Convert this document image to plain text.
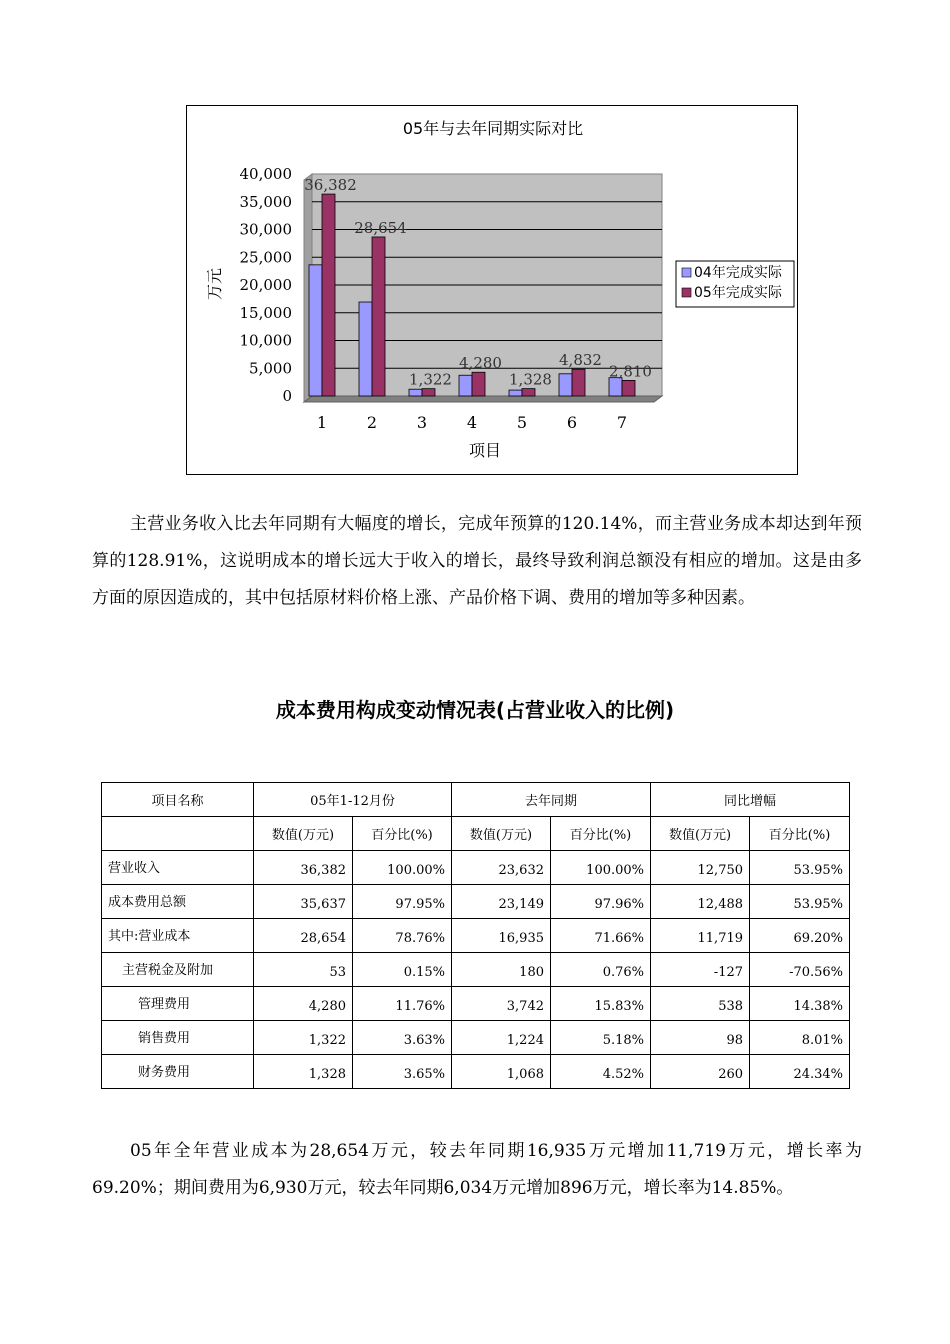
05年与去年同期实际对比
40,000
35,000
30,000
25,000
20,000
15,000
10,000
5,000
0
1
36,382
2
28,654
3
1,322
4
4,280
5
1,328
6
4,832
7
2,810
万元
项目
04年完成实际
05年完成实际

主营业务收入比去年同期有大幅度的增长，完成年预算的120.14%，而主营业务成本却达到年预算的128.91%，这说明成本的增长远大于收入的增长，最终导致利润总额没有相应的增加。这是由多方面的原因造成的，其中包括原材料价格上涨、产品价格下调、费用的增加等多种因素。

成本费用构成变动情况表(占营业收入的比例)
项目名称	05年1-12月份		去年同期		同比增幅	
	数值(万元)	百分比(%)	数值(万元)	百分比(%)	数值(万元)	百分比(%)
营业收入	36,382	100.00%	23,632	100.00%	12,750	53.95%
成本费用总额	35,637	97.95%	23,149	97.96%	12,488	53.95%
其中:营业成本	28,654	78.76%	16,935	71.66%	11,719	69.20%
主营税金及附加	53	0.15%	180	0.76%	-127	-70.56%
管理费用	4,280	11.76%	3,742	15.83%	538	14.38%
销售费用	1,322	3.63%	1,224	5.18%	98	8.01%
财务费用	1,328	3.65%	1,068	4.52%	260	24.34%

05年全年营业成本为28,654万元，较去年同期16,935万元增加11,719万元，增长率为69.20%；期间费用为6,930万元，较去年同期6,034万元增加896万元，增长率为14.85%。
